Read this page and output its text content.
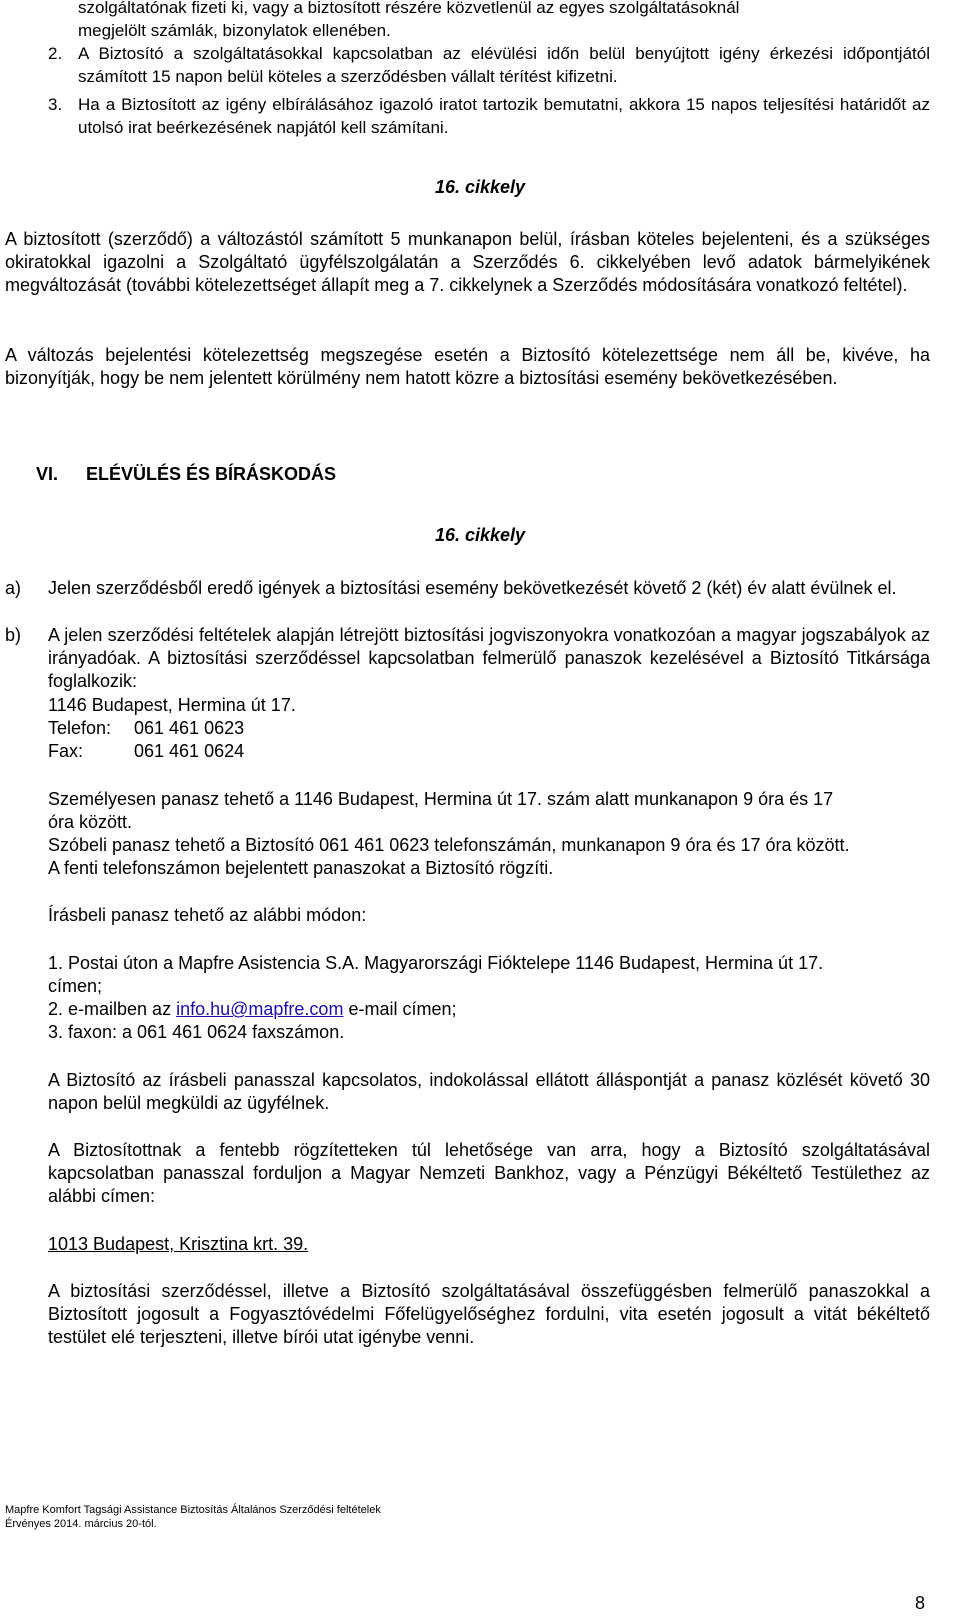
szolgáltatónak fizeti ki, vagy a biztosított részére közvetlenül az egyes szolgáltatásoknál
megjelölt számlák, bizonylatok ellenében.
2. A Biztosító a szolgáltatásokkal kapcsolatban az elévülési időn belül benyújtott igény érkezési időpontjától számított 15 napon belül köteles a szerződésben vállalt térítést kifizetni.

3. Ha a Biztosított az igény elbírálásához igazoló iratot tartozik bemutatni, akkora 15 napos teljesítési határidőt az utolsó irat beérkezésének napjától kell számítani.

16. cikkely

A biztosított (szerződő) a változástól számított 5 munkanapon belül, írásban köteles bejelenteni, és a szükséges okiratokkal igazolni a Szolgáltató ügyfélszolgálatán a Szerződés 6. cikkelyében levő adatok bármelyikének megváltozását (további kötelezettséget állapít meg a 7. cikkelynek a Szerződés módosítására vonatkozó feltétel).

A változás bejelentési kötelezettség megszegése esetén a Biztosító kötelezettsége nem áll be, kivéve, ha bizonyítják, hogy be nem jelentett körülmény nem hatott közre a biztosítási esemény bekövetkezésében.

VI. ELÉVÜLÉS ÉS BÍRÁSKODÁS
16. cikkely
a) Jelen szerződésből eredő igények a biztosítási esemény bekövetkezését követő 2 (két) év alatt évülnek el.

b) A jelen szerződési feltételek alapján létrejött biztosítási jogviszonyokra vonatkozóan a magyar jogszabályok az irányadóak. A biztosítási szerződéssel kapcsolatban felmerülő panaszok kezelésével a Biztosító Titkársága foglalkozik:

1146 Budapest, Hermina út 17.
Telefon: 061 461 0623
Fax:	061 461 0624
Személyesen panasz tehető a 1146 Budapest, Hermina út 17. szám alatt munkanapon 9 óra és 17
óra között.
Szóbeli panasz tehető a Biztosító 061 461 0623 telefonszámán, munkanapon 9 óra és 17 óra között.
A fenti telefonszámon bejelentett panaszokat a Biztosító rögzíti.
Írásbeli panasz tehető az alábbi módon:
1. Postai úton a Mapfre Asistencia S.A. Magyarországi Fióktelepe 1146 Budapest, Hermina út 17.
címen;
2. e-mailben az info.hu@mapfre.com e-mail címen;
3. faxon: a 061 461 0624 faxszámon.

A Biztosító az írásbeli panasszal kapcsolatos, indokolással ellátott álláspontját a panasz közlését követő 30 napon belül megküldi az ügyfélnek.

A Biztosítottnak a fentebb rögzítetteken túl lehetősége van arra, hogy a Biztosító szolgáltatásával kapcsolatban panasszal forduljon a Magyar Nemzeti Bankhoz, vagy a Pénzügyi Békéltető Testülethez az alábbi címen:

1013 Budapest, Krisztina krt. 39.

A biztosítási szerződéssel, illetve a Biztosító szolgáltatásával összefüggésben felmerülő panaszokkal a Biztosított jogosult a Fogyasztóvédelmi Főfelügyelőséghez fordulni, vita esetén jogosult a vitát békéltető testület elé terjeszteni, illetve bírói utat igénybe venni.

Mapfre Komfort Tagsági Assistance Biztosítás Általános Szerződési feltételek
Érvényes 2014. március 20-tól.
8
